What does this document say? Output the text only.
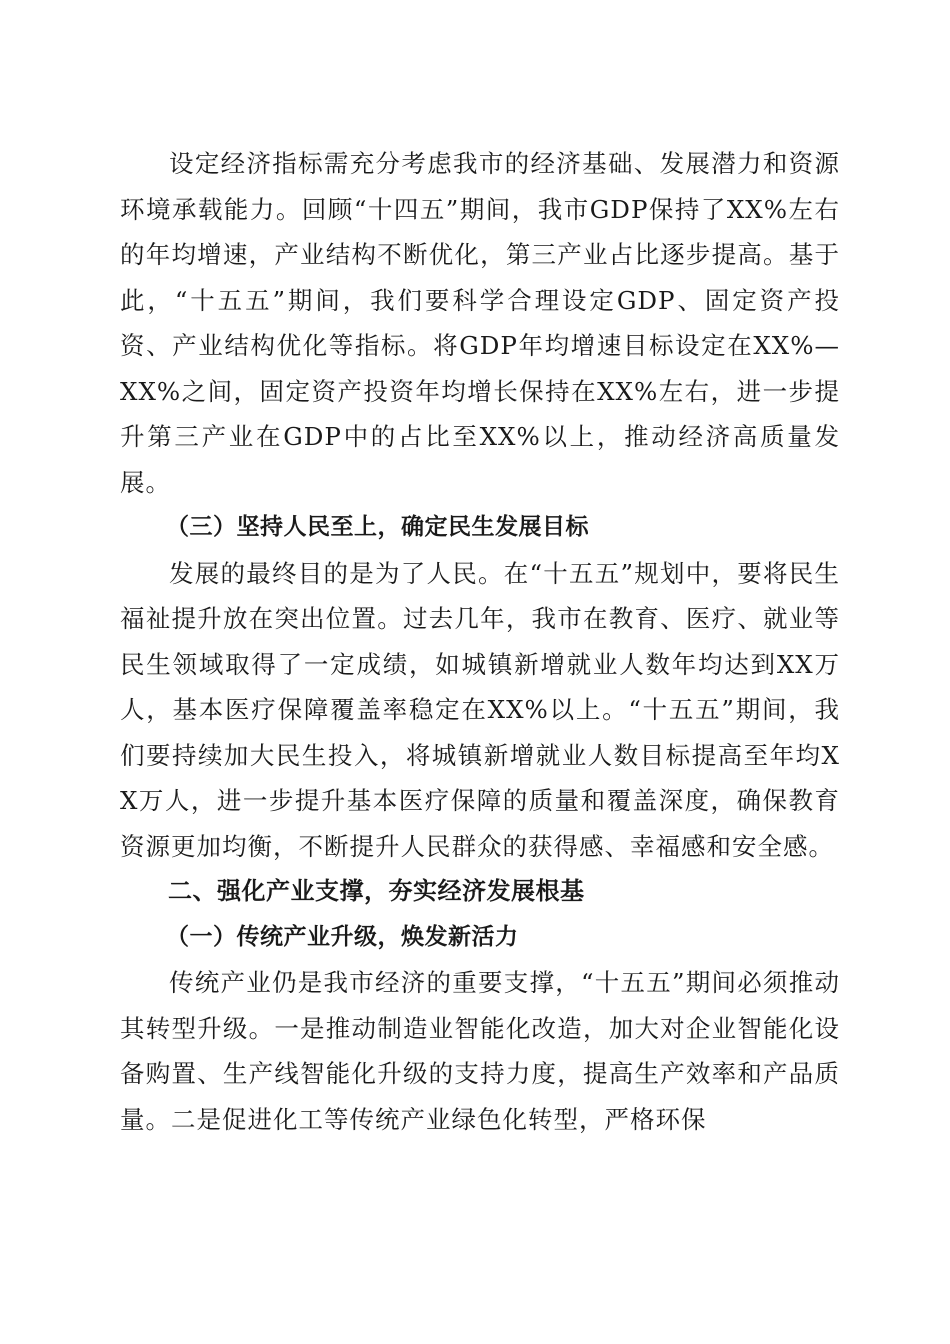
设定经济指标需充分考虑我市的经济基础、发展潜力和资源环境承载能力。回顾“十四五”期间，我市GDP保持了XX%左右的年均增速，产业结构不断优化，第三产业占比逐步提高。基于此，“十五五”期间，我们要科学合理设定GDP、固定资产投资、产业结构优化等指标。将GDP年均增速目标设定在XX%—XX%之间，固定资产投资年均增长保持在XX%左右，进一步提升第三产业在GDP中的占比至XX%以上，推动经济高质量发展。

（三）坚持人民至上，确定民生发展目标

发展的最终目的是为了人民。在“十五五”规划中，要将民生福祉提升放在突出位置。过去几年，我市在教育、医疗、就业等民生领域取得了一定成绩，如城镇新增就业人数年均达到XX万人，基本医疗保障覆盖率稳定在XX%以上。“十五五”期间，我们要持续加大民生投入，将城镇新增就业人数目标提高至年均XX万人，进一步提升基本医疗保障的质量和覆盖深度，确保教育资源更加均衡，不断提升人民群众的获得感、幸福感和安全感。

二、强化产业支撑，夯实经济发展根基

（一）传统产业升级，焕发新活力

传统产业仍是我市经济的重要支撑，“十五五”期间必须推动其转型升级。一是推动制造业智能化改造，加大对企业智能化设备购置、生产线智能化升级的支持力度，提高生产效率和产品质量。二是促进化工等传统产业绿色化转型，严格环保
